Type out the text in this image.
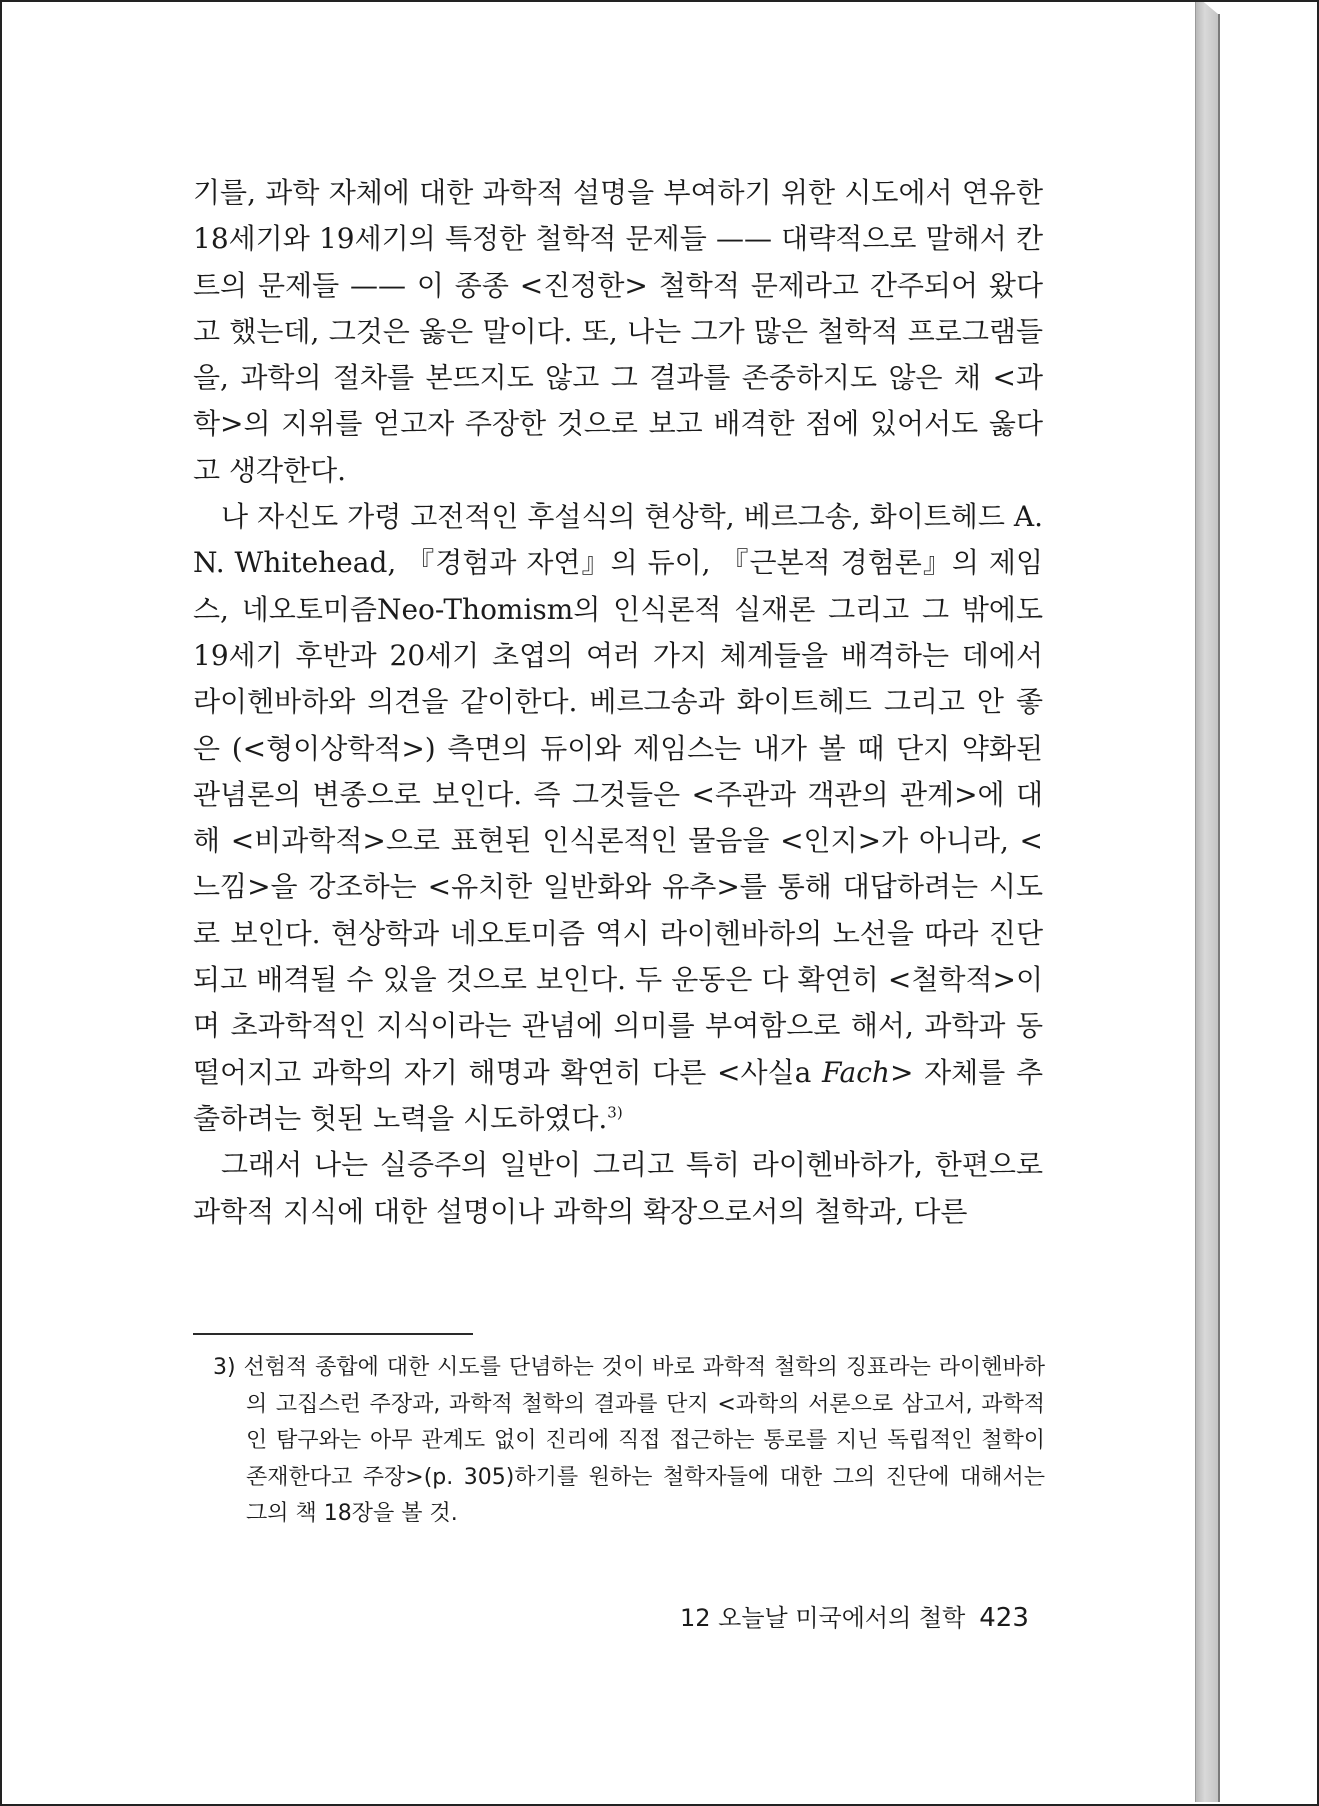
기를, 과학 자체에 대한 과학적 설명을 부여하기 위한 시도에서 연유한 18세기와 19세기의 특정한 철학적 문제들 —— 대략적으로 말해서 칸트의 문제들 —— 이 종종 <진정한> 철학적 문제라고 간주되어 왔다고 했는데, 그것은 옳은 말이다. 또, 나는 그가 많은 철학적 프로그램들을, 과학의 절차를 본뜨지도 않고 그 결과를 존중하지도 않은 채 <과학>의 지위를 얻고자 주장한 것으로 보고 배격한 점에 있어서도 옳다고 생각한다.

나 자신도 가령 고전적인 후설식의 현상학, 베르그송, 화이트헤드 A. N. Whitehead, 『경험과 자연』의 듀이, 『근본적 경험론』의 제임스, 네오토미즘Neo-Thomism의 인식론적 실재론 그리고 그 밖에도 19세기 후반과 20세기 초엽의 여러 가지 체계들을 배격하는 데에서 라이헨바하와 의견을 같이한다. 베르그송과 화이트헤드 그리고 안 좋은 (<형이상학적>) 측면의 듀이와 제임스는 내가 볼 때 단지 약화된 관념론의 변종으로 보인다. 즉 그것들은 <주관과 객관의 관계>에 대해 <비과학적>으로 표현된 인식론적인 물음을 <인지>가 아니라, <느낌>을 강조하는 <유치한 일반화와 유추>를 통해 대답하려는 시도로 보인다. 현상학과 네오토미즘 역시 라이헨바하의 노선을 따라 진단되고 배격될 수 있을 것으로 보인다. 두 운동은 다 확연히 <철학적>이며 초과학적인 지식이라는 관념에 의미를 부여함으로 해서, 과학과 동떨어지고 과학의 자기 해명과 확연히 다른 <사실a Fach> 자체를 추출하려는 헛된 노력을 시도하였다.$^{3)}$

그래서 나는 실증주의 일반이 그리고 특히 라이헨바하가, 한편으로 과학적 지식에 대한 설명이나 과학의 확장으로서의 철학과, 다른

3) 선험적 종합에 대한 시도를 단념하는 것이 바로 과학적 철학의 징표라는 라이헨바하의 고집스런 주장과, 과학적 철학의 결과를 단지 <과학의 서론으로 삼고서, 과학적인 탐구와는 아무 관계도 없이 진리에 직접 접근하는 통로를 지닌 독립적인 철학이 존재한다고 주장>(p. 305)하기를 원하는 철학자들에 대한 그의 진단에 대해서는 그의 책 18장을 볼 것.
12 오늘날 미국에서의 철학 423
